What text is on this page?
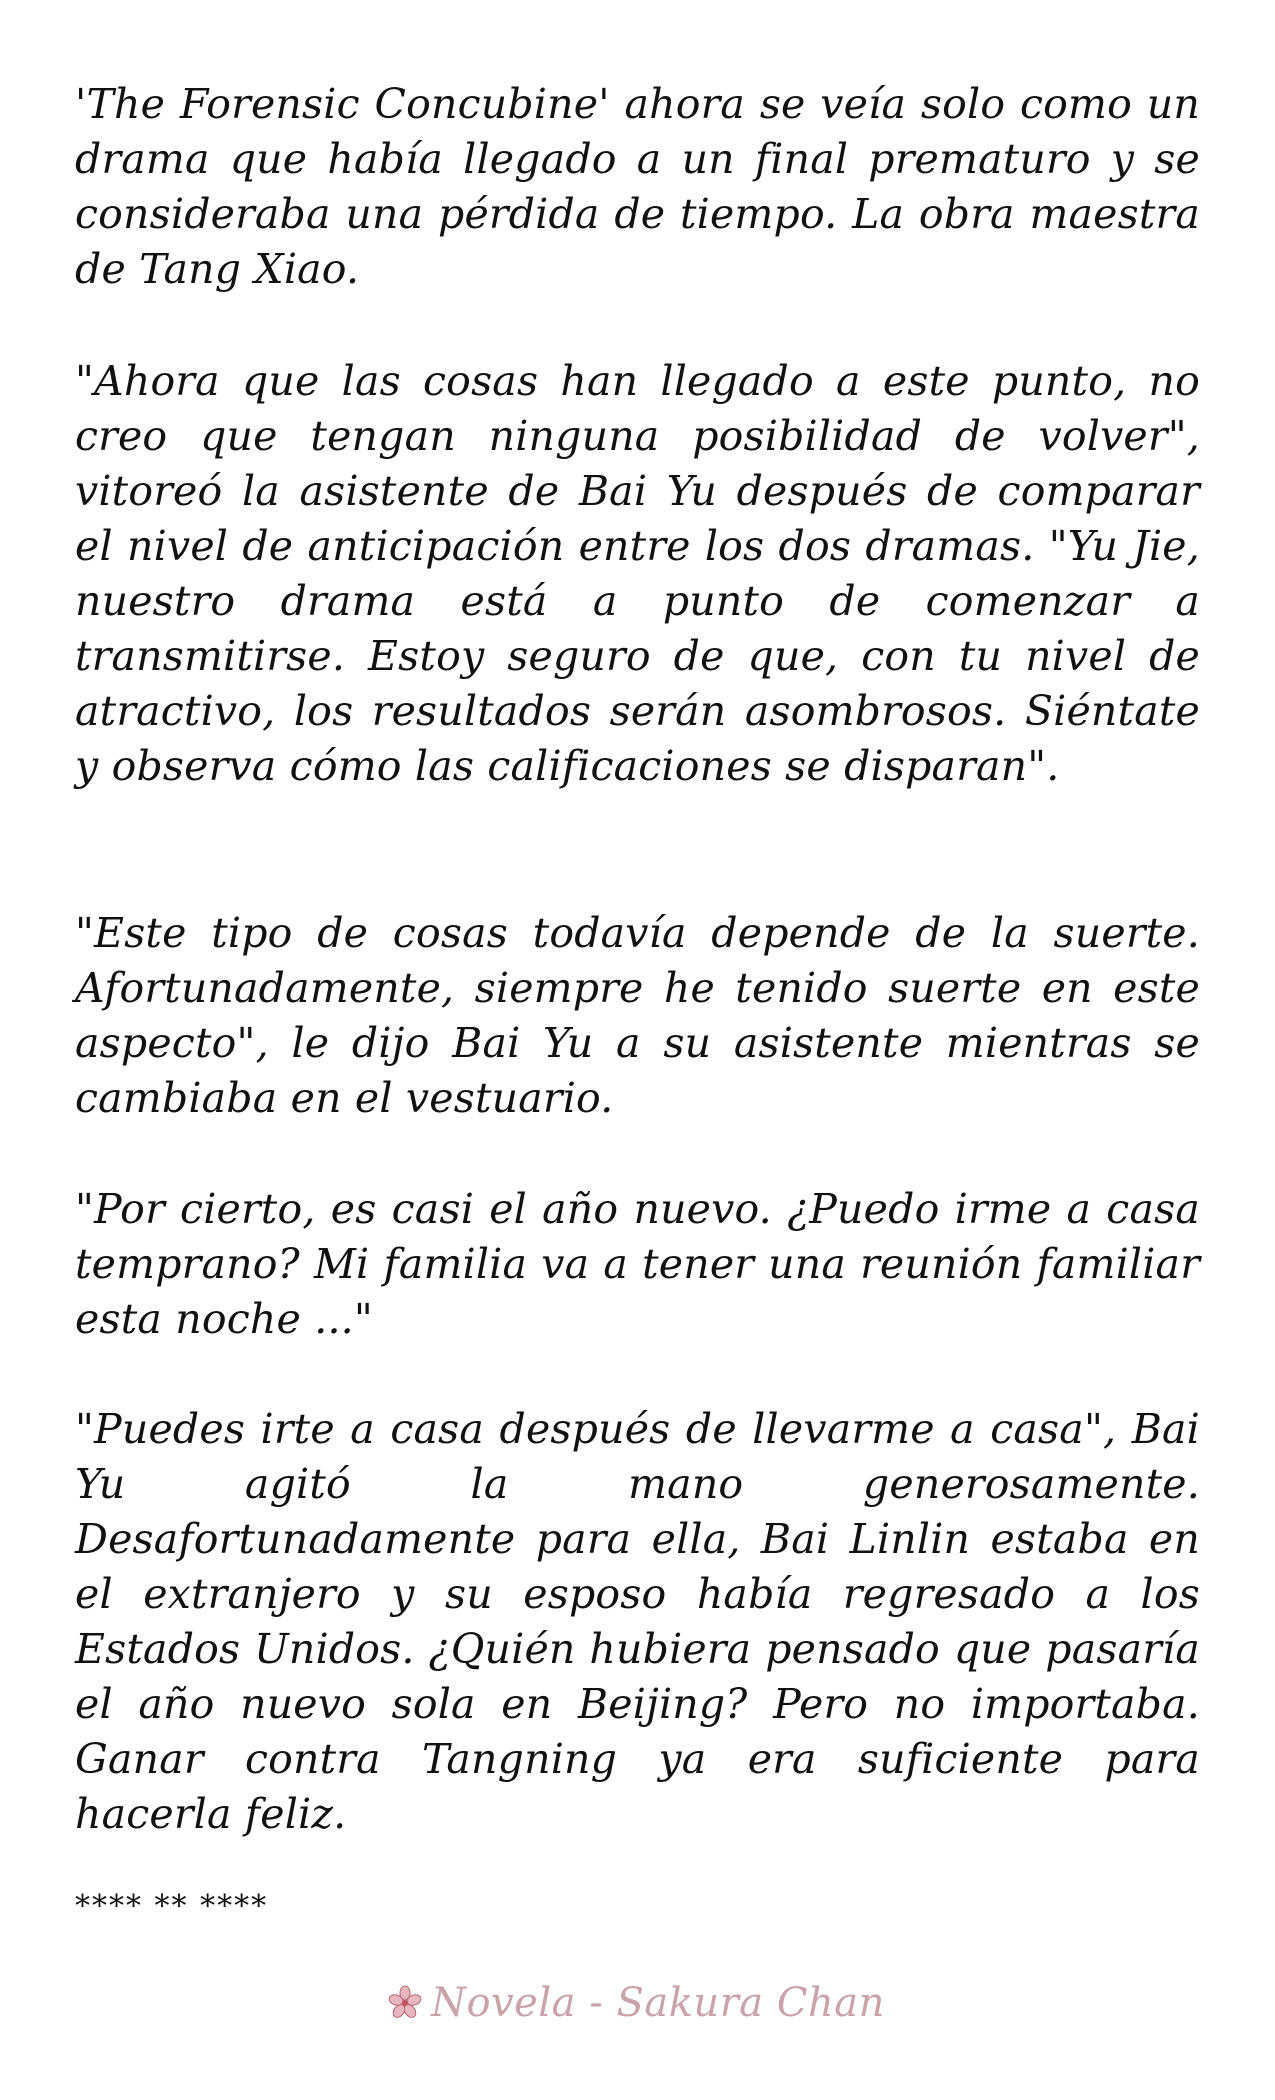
'The Forensic Concubine' ahora se veía solo como un drama que había llegado a un final prematuro y se consideraba una pérdida de tiempo. La obra maestra de Tang Xiao.
"Ahora que las cosas han llegado a este punto, no creo que tengan ninguna posibilidad de volver", vitoreó la asistente de Bai Yu después de comparar el nivel de anticipación entre los dos dramas. "Yu Jie, nuestro drama está a punto de comenzar a transmitirse. Estoy seguro de que, con tu nivel de atractivo, los resultados serán asombrosos. Siéntate y observa cómo las calificaciones se disparan".
"Este tipo de cosas todavía depende de la suerte. Afortunadamente, siempre he tenido suerte en este aspecto", le dijo Bai Yu a su asistente mientras se cambiaba en el vestuario.
"Por cierto, es casi el año nuevo. ¿Puedo irme a casa temprano? Mi familia va a tener una reunión familiar esta noche ..."
"Puedes irte a casa después de llevarme a casa", Bai Yu agitó la mano generosamente. Desafortunadamente para ella, Bai Linlin estaba en el extranjero y su esposo había regresado a los Estados Unidos. ¿Quién hubiera pensado que pasaría el año nuevo sola en Beijing? Pero no importaba. Ganar contra Tangning ya era suficiente para hacerla feliz.
**** ** ****
Novela - Sakura Chan
